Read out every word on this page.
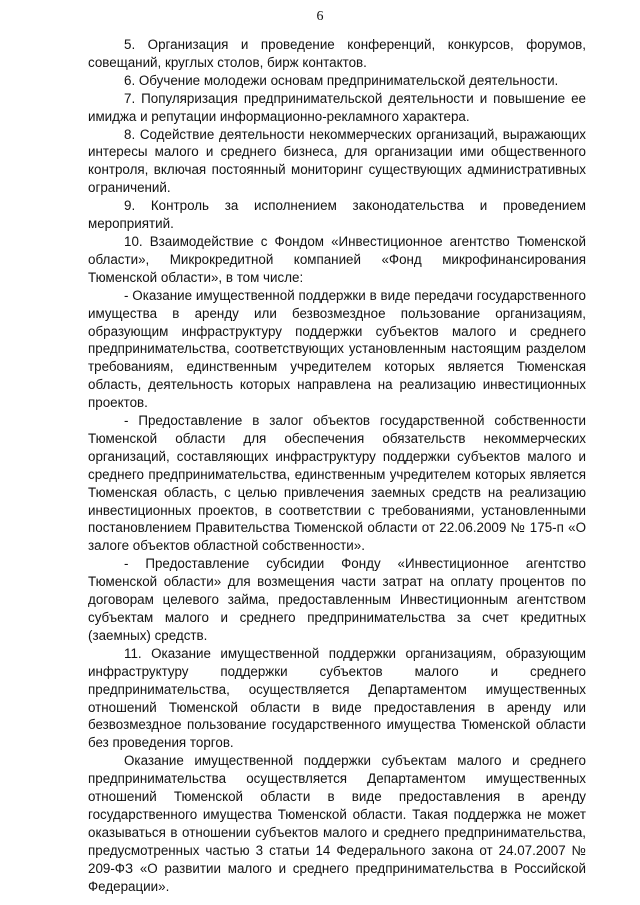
6

5. Организация и проведение конференций, конкурсов, форумов, совещаний, круглых столов, бирж контактов.

6. Обучение молодежи основам предпринимательской деятельности.

7. Популяризация предпринимательской деятельности и повышение ее имиджа и репутации информационно-рекламного характера.

8. Содействие деятельности некоммерческих организаций, выражающих интересы малого и среднего бизнеса, для организации ими общественного контроля, включая постоянный мониторинг существующих административных ограничений.

9. Контроль за исполнением законодательства и проведением мероприятий.

10. Взаимодействие с Фондом «Инвестиционное агентство Тюменской области», Микрокредитной компанией «Фонд микрофинансирования Тюменской области», в том числе:

- Оказание имущественной поддержки в виде передачи государственного имущества в аренду или безвозмездное пользование организациям, образующим инфраструктуру поддержки субъектов малого и среднего предпринимательства, соответствующих установленным настоящим разделом требованиям, единственным учредителем которых является Тюменская область, деятельность которых направлена на реализацию инвестиционных проектов.

- Предоставление в залог объектов государственной собственности Тюменской области для обеспечения обязательств некоммерческих организаций, составляющих инфраструктуру поддержки субъектов малого и среднего предпринимательства, единственным учредителем которых является Тюменская область, с целью привлечения заемных средств на реализацию инвестиционных проектов, в соответствии с требованиями, установленными постановлением Правительства Тюменской области от 22.06.2009 № 175-п «О залоге объектов областной собственности».

- Предоставление субсидии Фонду «Инвестиционное агентство Тюменской области» для возмещения части затрат на оплату процентов по договорам целевого займа, предоставленным Инвестиционным агентством субъектам малого и среднего предпринимательства за счет кредитных (заемных) средств.

11. Оказание имущественной поддержки организациям, образующим инфраструктуру поддержки субъектов малого и среднего предпринимательства, осуществляется Департаментом имущественных отношений Тюменской области в виде предоставления в аренду или безвозмездное пользование государственного имущества Тюменской области без проведения торгов.

Оказание имущественной поддержки субъектам малого и среднего предпринимательства осуществляется Департаментом имущественных отношений Тюменской области в виде предоставления в аренду государственного имущества Тюменской области. Такая поддержка не может оказываться в отношении субъектов малого и среднего предпринимательства, предусмотренных частью 3 статьи 14 Федерального закона от 24.07.2007 № 209-ФЗ «О развитии малого и среднего предпринимательства в Российской Федерации».
